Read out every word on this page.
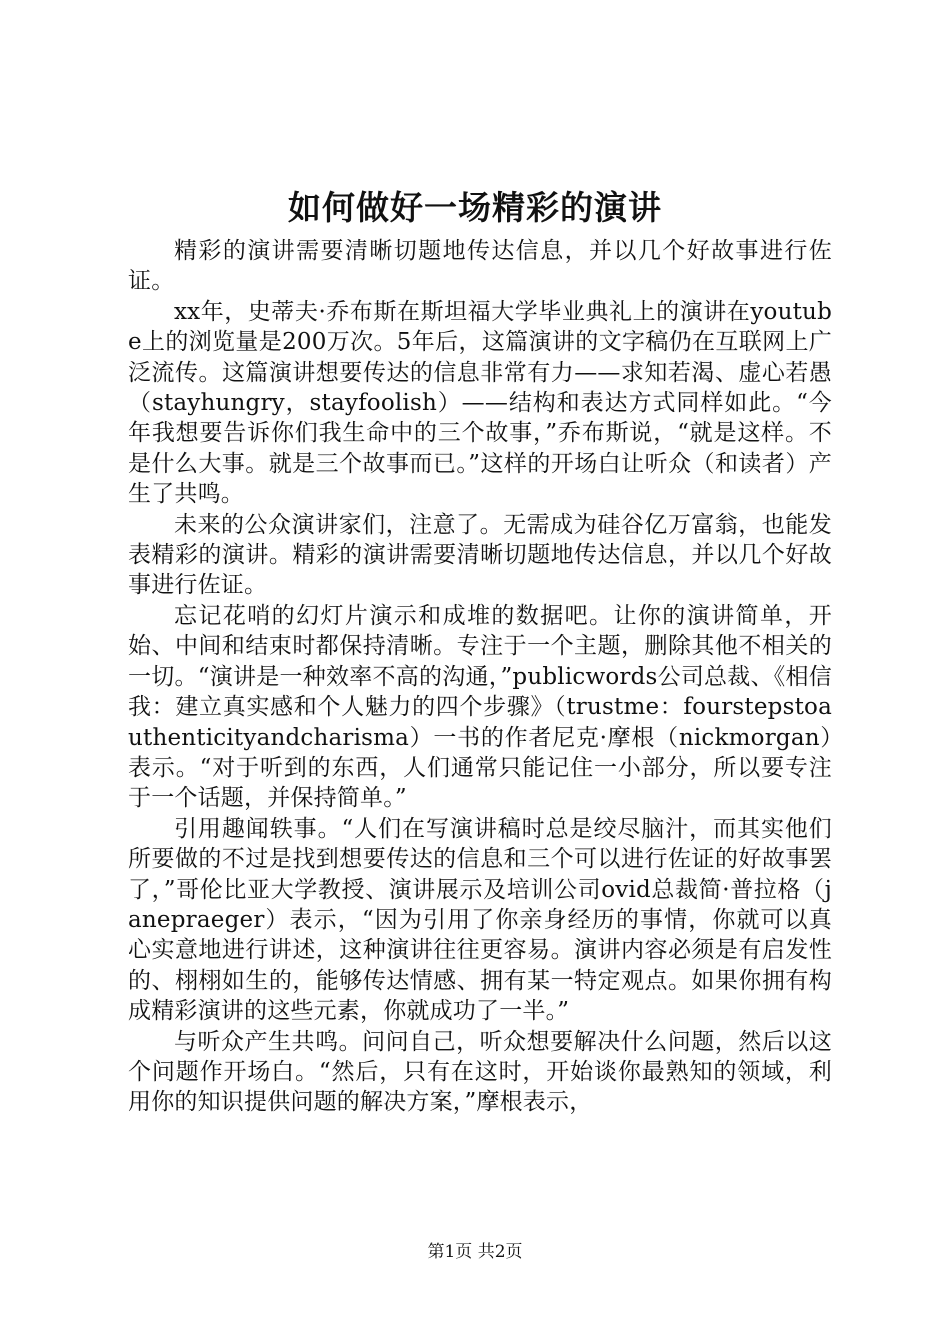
如何做好一场精彩的演讲

精彩的演讲需要清晰切题地传达信息，并以几个好故事进行佐证。

xx年，史蒂夫·乔布斯在斯坦福大学毕业典礼上的演讲在youtube上的浏览量是200万次。5年后，这篇演讲的文字稿仍在互联网上广泛流传。这篇演讲想要传达的信息非常有力——求知若渴、虚心若愚（stayhungry，stayfoolish）——结构和表达方式同样如此。“今年我想要告诉你们我生命中的三个故事，”乔布斯说，“就是这样。不是什么大事。就是三个故事而已。”这样的开场白让听众（和读者）产生了共鸣。

未来的公众演讲家们，注意了。无需成为硅谷亿万富翁，也能发表精彩的演讲。精彩的演讲需要清晰切题地传达信息，并以几个好故事进行佐证。

忘记花哨的幻灯片演示和成堆的数据吧。让你的演讲简单，开始、中间和结束时都保持清晰。专注于一个主题，删除其他不相关的一切。“演讲是一种效率不高的沟通，”publicwords公司总裁、《相信我：建立真实感和个人魅力的四个步骤》（trustme：fourstepstoauthenticityandcharisma）一书的作者尼克·摩根（nickmorgan）表示。“对于听到的东西，人们通常只能记住一小部分，所以要专注于一个话题，并保持简单。”

引用趣闻轶事。“人们在写演讲稿时总是绞尽脑汁，而其实他们所要做的不过是找到想要传达的信息和三个可以进行佐证的好故事罢了，”哥伦比亚大学教授、演讲展示及培训公司ovid总裁简·普拉格（janepraeger）表示，“因为引用了你亲身经历的事情，你就可以真心实意地进行讲述，这种演讲往往更容易。演讲内容必须是有启发性的、栩栩如生的，能够传达情感、拥有某一特定观点。如果你拥有构成精彩演讲的这些元素，你就成功了一半。”

与听众产生共鸣。问问自己，听众想要解决什么问题，然后以这个问题作开场白。“然后，只有在这时，开始谈你最熟知的领域，利用你的知识提供问题的解决方案，”摩根表示，

第1页 共2页
